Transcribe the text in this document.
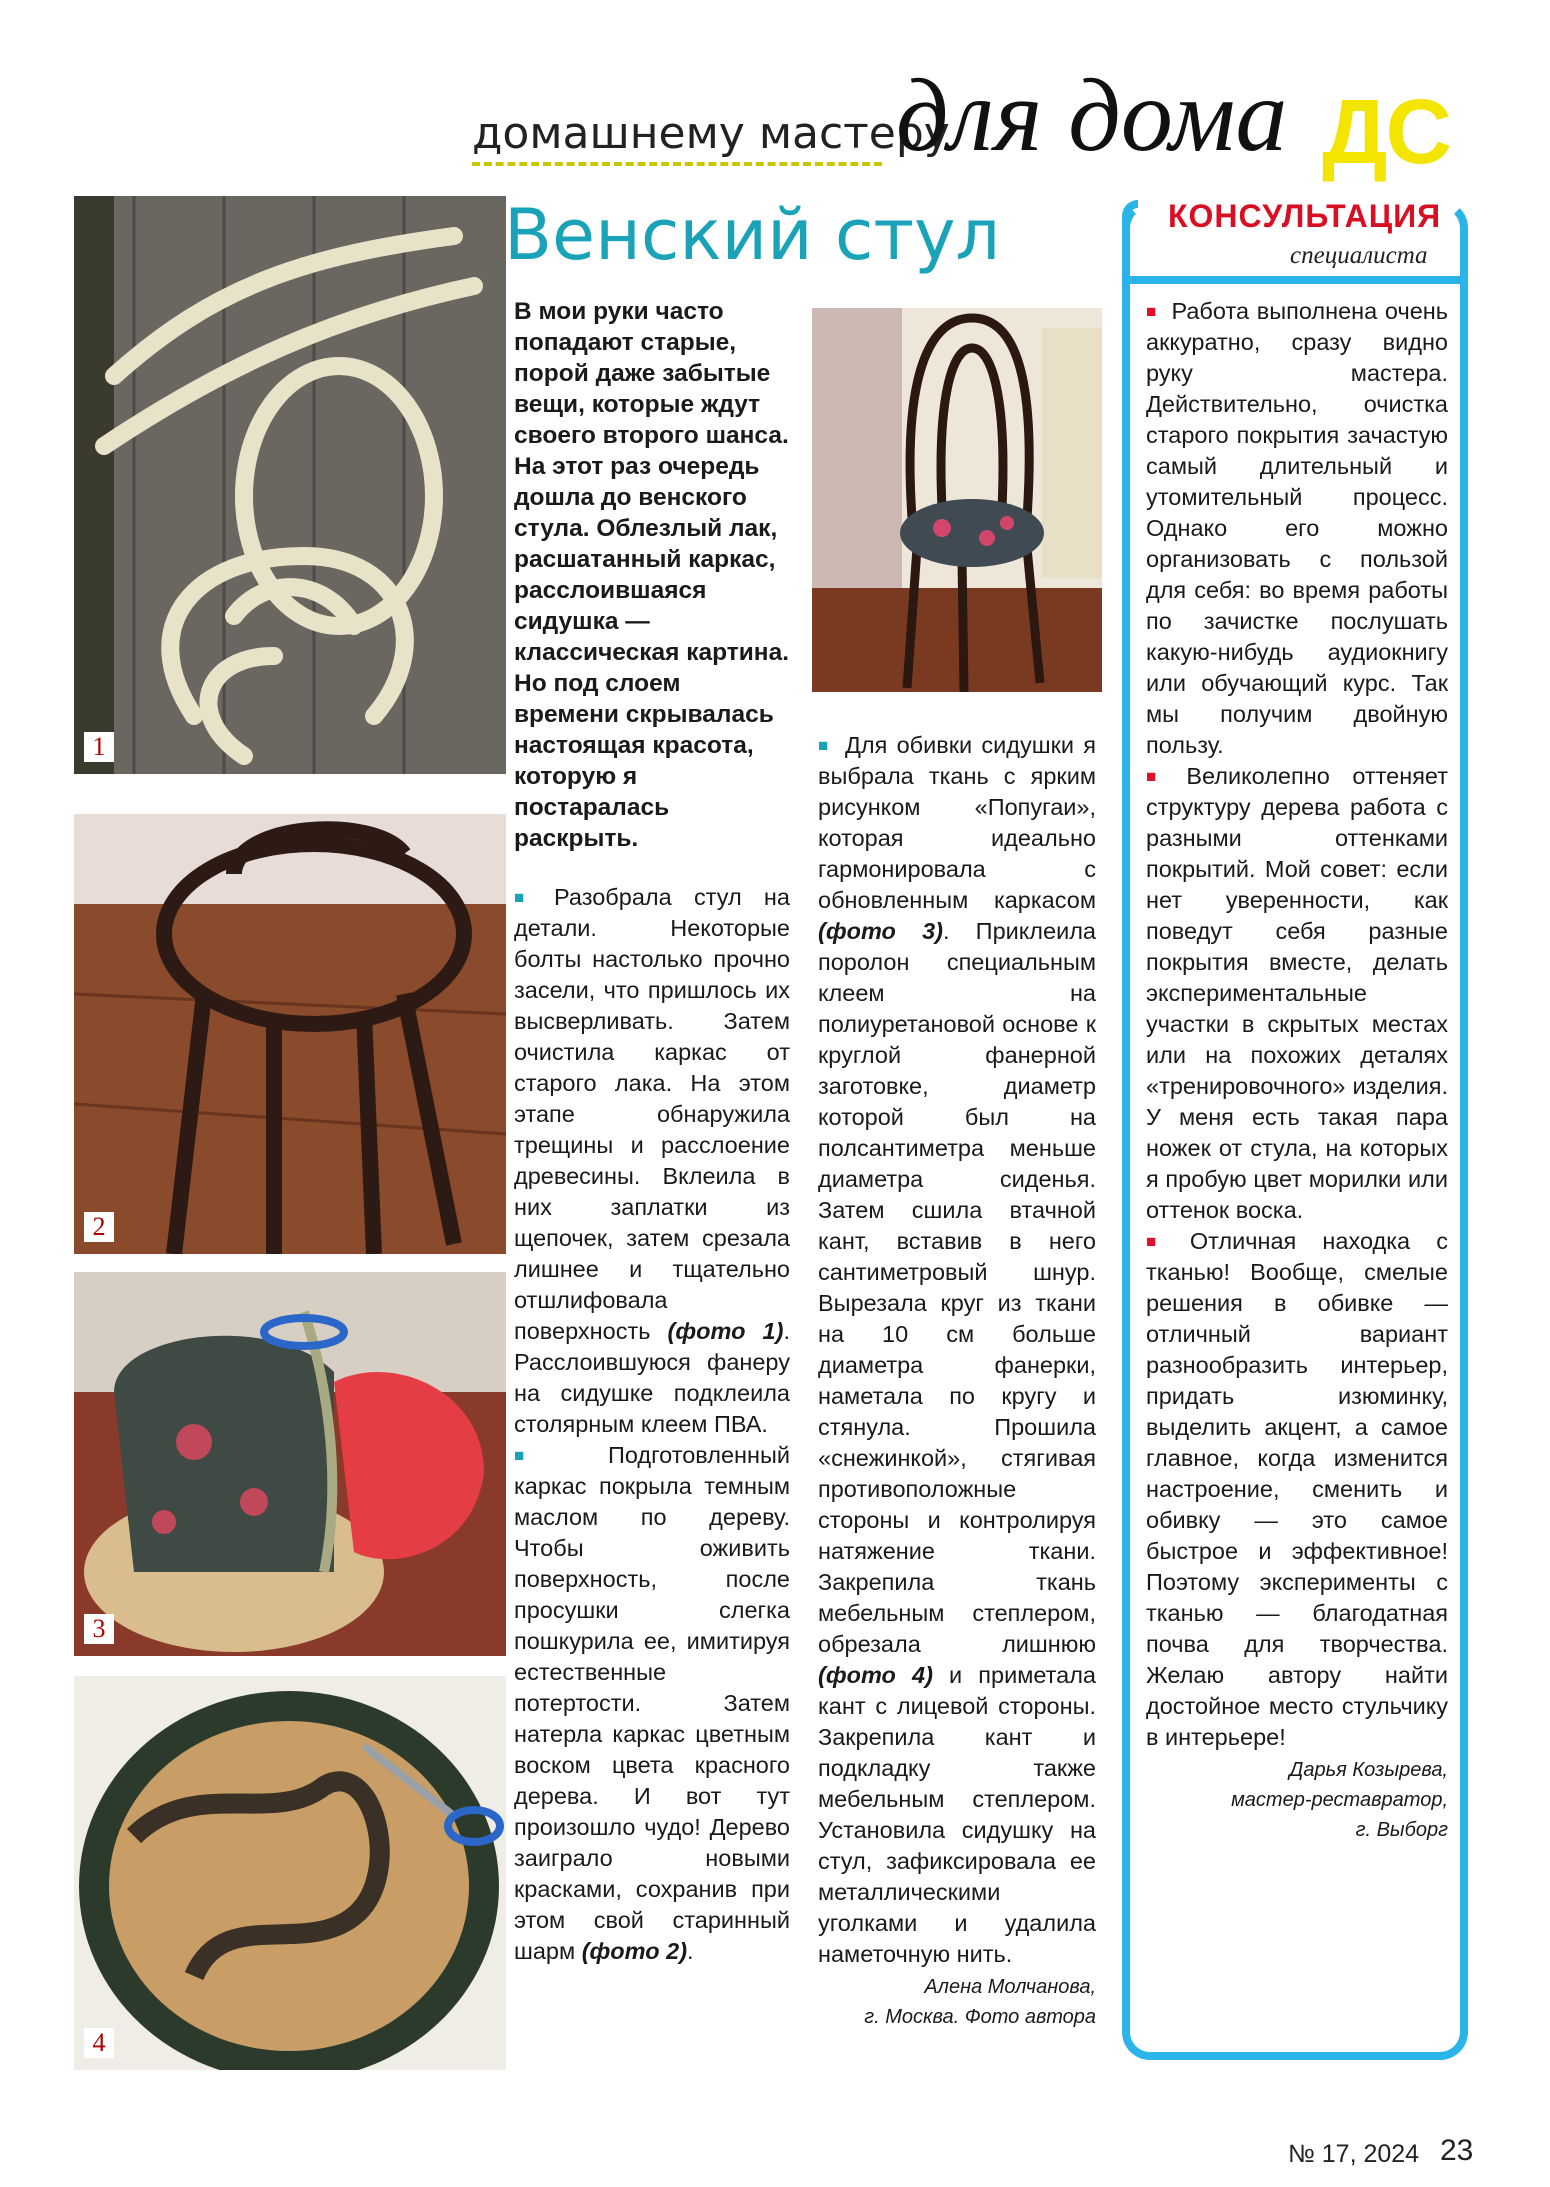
домашнему мастеру
для дома ДС
1
2
3
4
Венский стул

В мои руки часто попадают старые, порой даже забытые вещи, которые ждут своего второго шанса. На этот раз очередь дошла до венского стула. Облезлый лак, расшатанный каркас, расслоившаяся сидушка — классическая картина. Но под слоем времени скрывалась настоящая красота, которую я постаралась раскрыть.

■ Разобрала стул на детали. Некоторые болты настолько прочно засели, что пришлось их высверливать. Затем очистила каркас от старого лака. На этом этапе обнаружила трещины и расслоение древесины. Вклеила в них заплатки из щепочек, затем срезала лишнее и тщательно отшлифовала поверхность (фото 1). Расслоившуюся фанеру на сидушке подклеила столярным клеем ПВА.

■ Подготовленный каркас покрыла темным маслом по дереву. Чтобы оживить поверхность, после просушки слегка пошкурила ее, имитируя естественные потертости. Затем натерла каркас цветным воском цвета красного дерева. И вот тут произошло чудо! Дерево заиграло новыми красками, сохранив при этом свой старинный шарм (фото 2).

■ Для обивки сидушки я выбрала ткань с ярким рисунком «Попугаи», которая идеально гармонировала с обновленным каркасом (фото 3). Приклеила поролон специальным клеем на полиуретановой основе к круглой фанерной заготовке, диаметр которой был на полсантиметра меньше диаметра сиденья. Затем сшила втачной кант, вставив в него сантиметровый шнур. Вырезала круг из ткани на 10 см больше диаметра фанерки, наметала по кругу и стянула. Прошила «снежинкой», стягивая противоположные стороны и контролируя натяжение ткани. Закрепила ткань мебельным степлером, обрезала лишнюю (фото 4) и приметала кант с лицевой стороны. Закрепила кант и подкладку также мебельным степлером. Установила сидушку на стул, зафиксировала ее металлическими уголками и удалила наметочную нить.

Алена Молчанова,
г. Москва. Фото автора
КОНСУЛЬТАЦИЯ
специалиста

■ Работа выполнена очень аккуратно, сразу видно руку мастера. Действительно, очистка старого покрытия зачастую самый длительный и утомительный процесс. Однако его можно организовать с пользой для себя: во время работы по зачистке послушать какую-нибудь аудиокнигу или обучающий курс. Так мы получим двойную пользу.

■ Великолепно оттеняет структуру дерева работа с разными оттенками покрытий. Мой совет: если нет уверенности, как поведут себя разные покрытия вместе, делать экспериментальные участки в скрытых местах или на похожих деталях «тренировочного» изделия. У меня есть такая пара ножек от стула, на которых я пробую цвет морилки или оттенок воска.

■ Отличная находка с тканью! Вообще, смелые решения в обивке — отличный вариант разнообразить интерьер, придать изюминку, выделить акцент, а самое главное, когда изменится настроение, сменить и обивку — это самое быстрое и эффективное! Поэтому эксперименты с тканью — благодатная почва для творчества. Желаю автору найти достойное место стульчику в интерьере!

Дарья Козырева,
мастер-реставратор,
г. Выборг
№ 17, 2024 23
